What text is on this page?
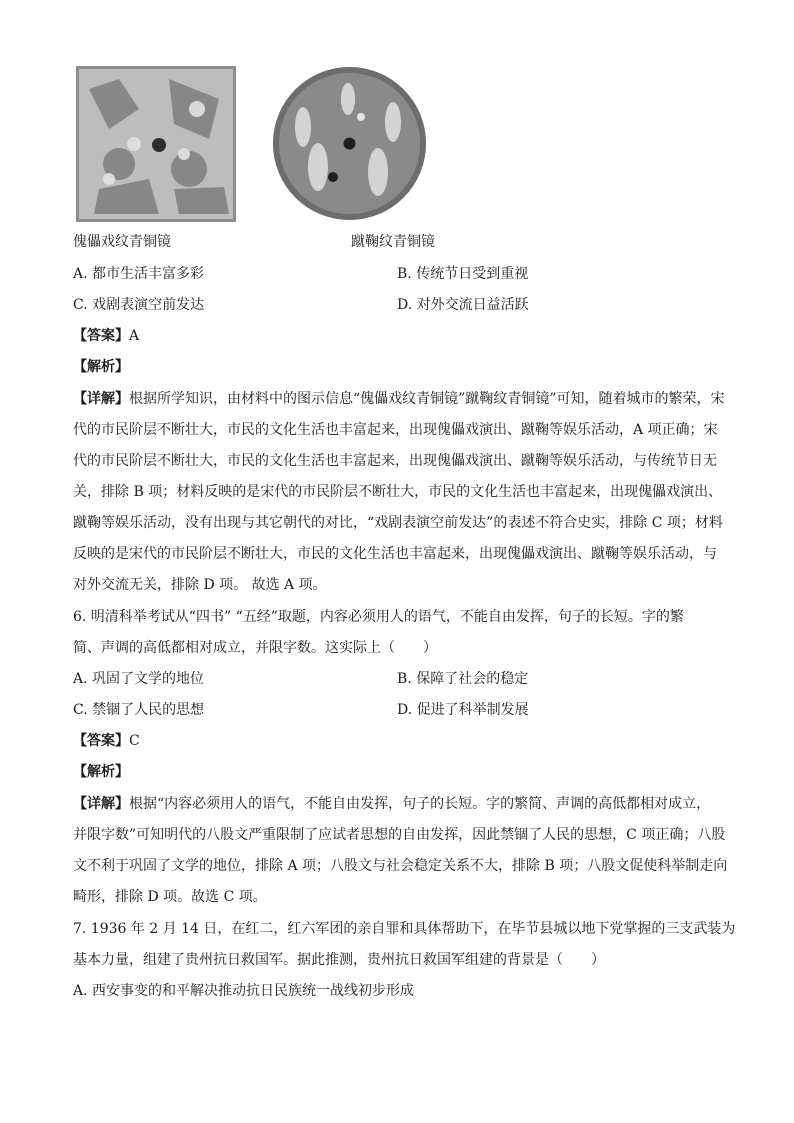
傀儡戏纹青铜镜	蹴鞠纹青铜镜
A. 都市生活丰富多彩	B. 传统节日受到重视
C. 戏剧表演空前发达	D. 对外交流日益活跃
【答案】A
【解析】
【详解】根据所学知识，由材料中的图示信息“傀儡戏纹青铜镜”蹴鞠纹青铜镜”可知，随着城市的繁荣，宋
代的市民阶层不断壮大，市民的文化生活也丰富起来，出现傀儡戏演出、蹴鞠等娱乐活动，A 项正确；宋
代的市民阶层不断壮大，市民的文化生活也丰富起来，出现傀儡戏演出、蹴鞠等娱乐活动，与传统节日无
关，排除 B 项；材料反映的是宋代的市民阶层不断壮大，市民的文化生活也丰富起来，出现傀儡戏演出、
蹴鞠等娱乐活动，没有出现与其它朝代的对比，“戏剧表演空前发达”的表述不符合史实，排除 C 项；材料
反映的是宋代的市民阶层不断壮大，市民的文化生活也丰富起来，出现傀儡戏演出、蹴鞠等娱乐活动，与
对外交流无关，排除 D 项。 故选 A 项。
6. 明清科举考试从“四书” “五经”取题，内容必须用人的语气，不能自由发挥，句子的长短。字的繁
简、声调的高低都相对成立，并限字数。这实际上（　　）
A. 巩固了文学的地位	B. 保障了社会的稳定
C. 禁锢了人民的思想	D. 促进了科举制发展
【答案】C
【解析】
【详解】根据“内容必须用人的语气，不能自由发挥，句子的长短。字的繁简、声调的高低都相对成立，
并限字数”可知明代的八股文严重限制了应试者思想的自由发挥，因此禁锢了人民的思想，C 项正确；八股
文不利于巩固了文学的地位，排除 A 项；八股文与社会稳定关系不大，排除 B 项；八股文促使科举制走向
畸形，排除 D 项。故选 C 项。
7. 1936 年 2 月 14 日，在红二，红六军团的亲自罪和具体帮助下，在毕节县城以地下党掌握的三支武装为
基本力量，组建了贵州抗日救国军。据此推测，贵州抗日救国军组建的背景是（　　）
A. 西安事变的和平解决推动抗日民族统一战线初步形成
